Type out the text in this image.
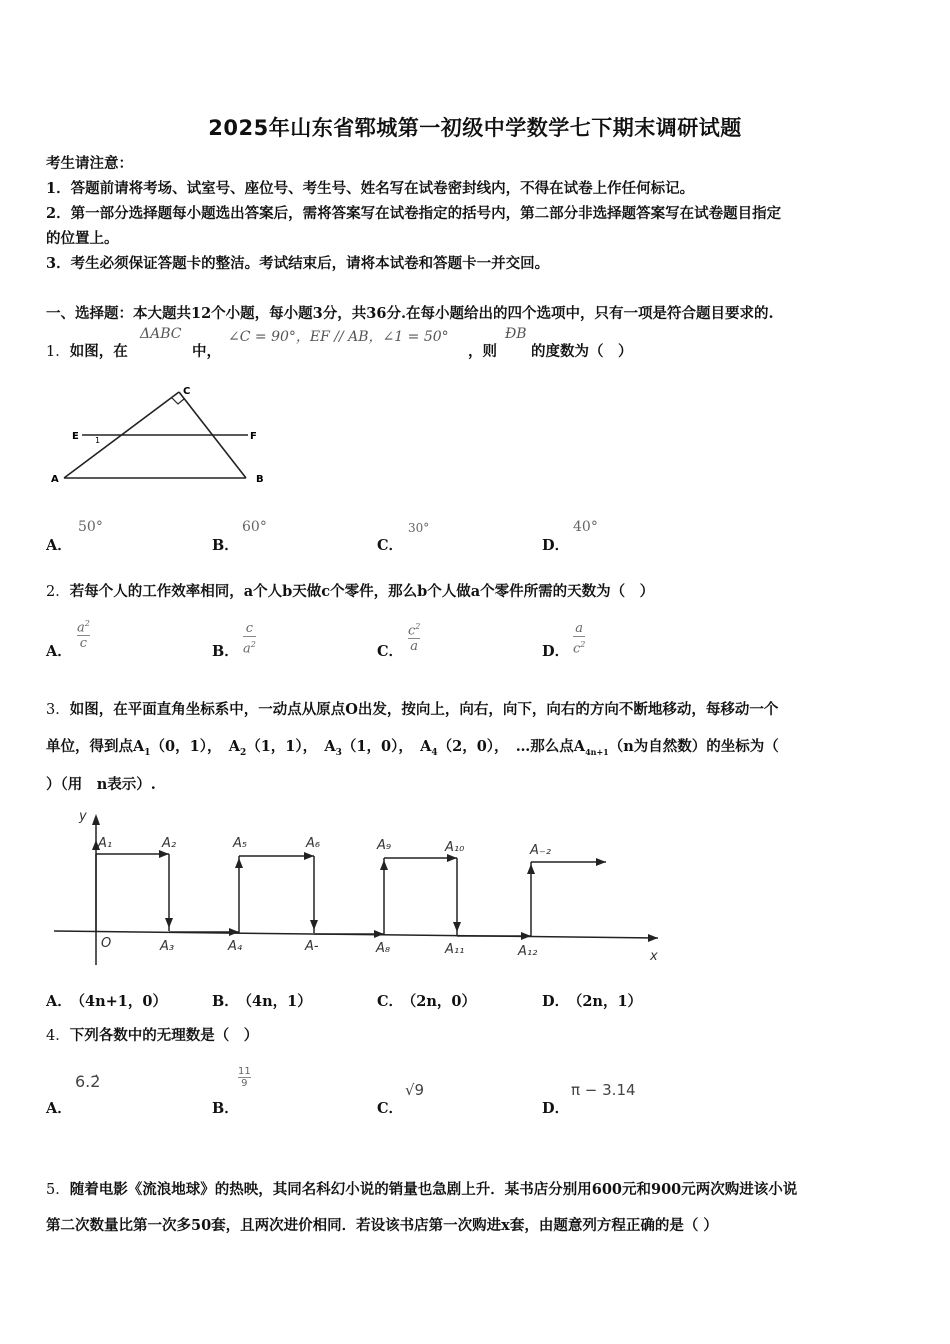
2025年山东省郓城第一初级中学数学七下期末调研试题
考生请注意：
1．答题前请将考场、试室号、座位号、考生号、姓名写在试卷密封线内，不得在试卷上作任何标记。
2．第一部分选择题每小题选出答案后，需将答案写在试卷指定的括号内，第二部分非选择题答案写在试卷题目指定
的位置上。
3．考生必须保证答题卡的整洁。考试结束后，请将本试卷和答题卡一并交回。
一、选择题：本大题共12个小题，每小题3分，共36分.在每小题给出的四个选项中，只有一项是符合题目要求的.
1．如图，在
ΔABC
中，
∠C = 90°，EF // AB，∠1 = 50°
，则
ÐB
的度数为（　）
C
E	F
A	B
1
A．
50°
B．
60°
C．
30°
D．
40°
2．若每个人的工作效率相同，a个人b天做c个零件，那么b个人做a个零件所需的天数为（　）
A．
$a^2$
c	B．
c
$a^2$	C．
$c^2$
a	D．
a
$c^2$
3．如图，在平面直角坐标系中，一动点从原点O出发，按向上，向右，向下，向右的方向不断地移动，每移动一个
单位，得到点$A_1(0$，1），　$A_2(1$，1），　$A_3(1$，0），　$A_4(2$，0），　…那么点$A_{4n+1}(n$为自然数）的坐标为（
）（用　n表示）.
y
x
O
A₁	A₂
A₃	A₄
A₅	A₆
A-	A₈
A₉	A₁₀
A₁₁	A₁₂
A₋₂
A． （4n+1，0）	B． （4n，1）	C． （2n，0）	D． （2n，1）
4．下列各数中的无理数是（　）
A．
6.2̇
B．
11
9
C．
√9
D．
π − 3.14
5．随着电影《流浪地球》的热映，其同名科幻小说的销量也急剧上升．某书店分别用600元和900元两次购进该小说
第二次数量比第一次多50套，且两次进价相同．若设该书店第一次购进x套，由题意列方程正确的是（ ）
